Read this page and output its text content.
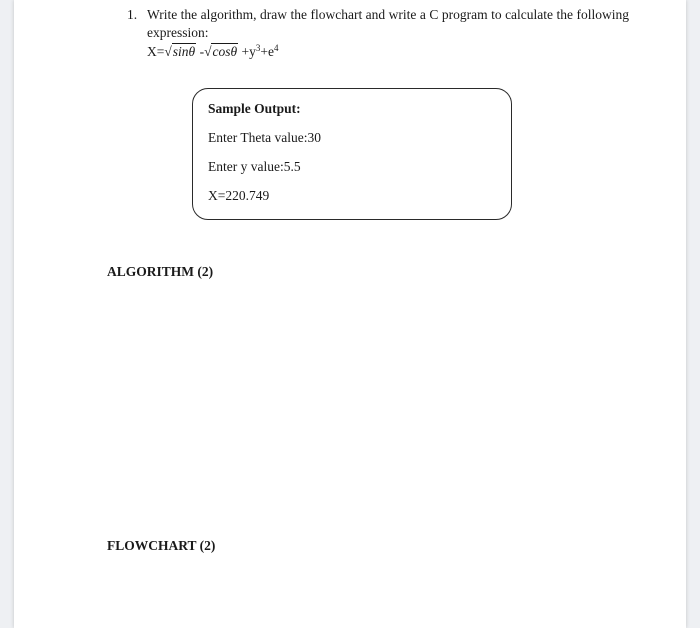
1. Write the algorithm, draw the flowchart and write a C program to calculate the following expression:
X=√sinθ $-√\cos\theta +y^3+e^4$
Sample Output:
Enter Theta value:30
Enter y value:5.5
X=220.749
ALGORITHM (2)
FLOWCHART (2)
